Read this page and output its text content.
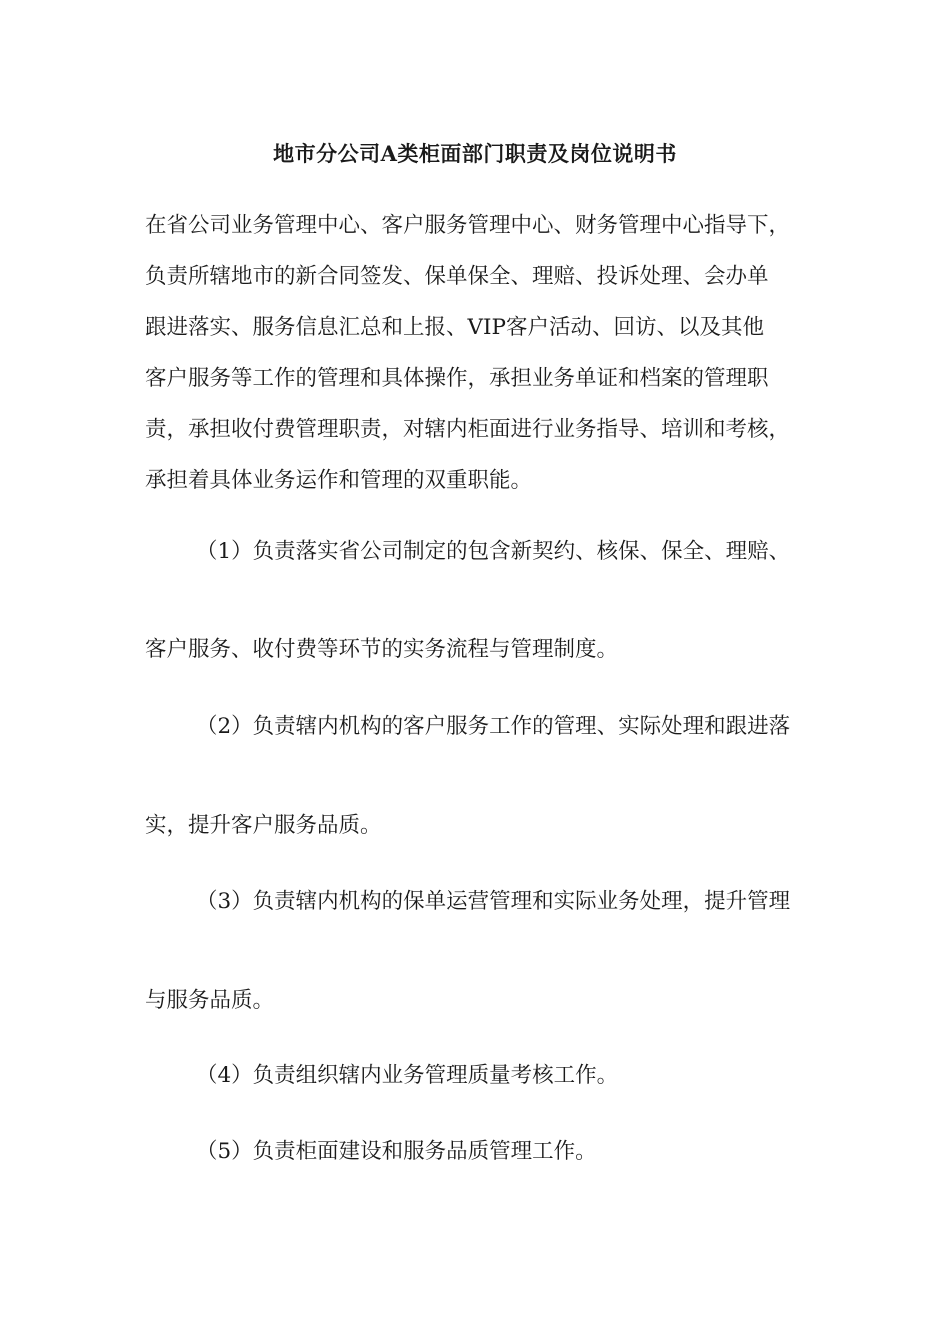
地市分公司A类柜面部门职责及岗位说明书
在省公司业务管理中心、客户服务管理中心、财务管理中心指导下，
负责所辖地市的新合同签发、保单保全、理赔、投诉处理、会办单
跟进落实、服务信息汇总和上报、VIP客户活动、回访、以及其他
客户服务等工作的管理和具体操作，承担业务单证和档案的管理职
责，承担收付费管理职责，对辖内柜面进行业务指导、培训和考核，
承担着具体业务运作和管理的双重职能。
（1）负责落实省公司制定的包含新契约、核保、保全、理赔、
客户服务、收付费等环节的实务流程与管理制度。
（2）负责辖内机构的客户服务工作的管理、实际处理和跟进落
实，提升客户服务品质。
（3）负责辖内机构的保单运营管理和实际业务处理，提升管理
与服务品质。
（4）负责组织辖内业务管理质量考核工作。
（5）负责柜面建设和服务品质管理工作。
